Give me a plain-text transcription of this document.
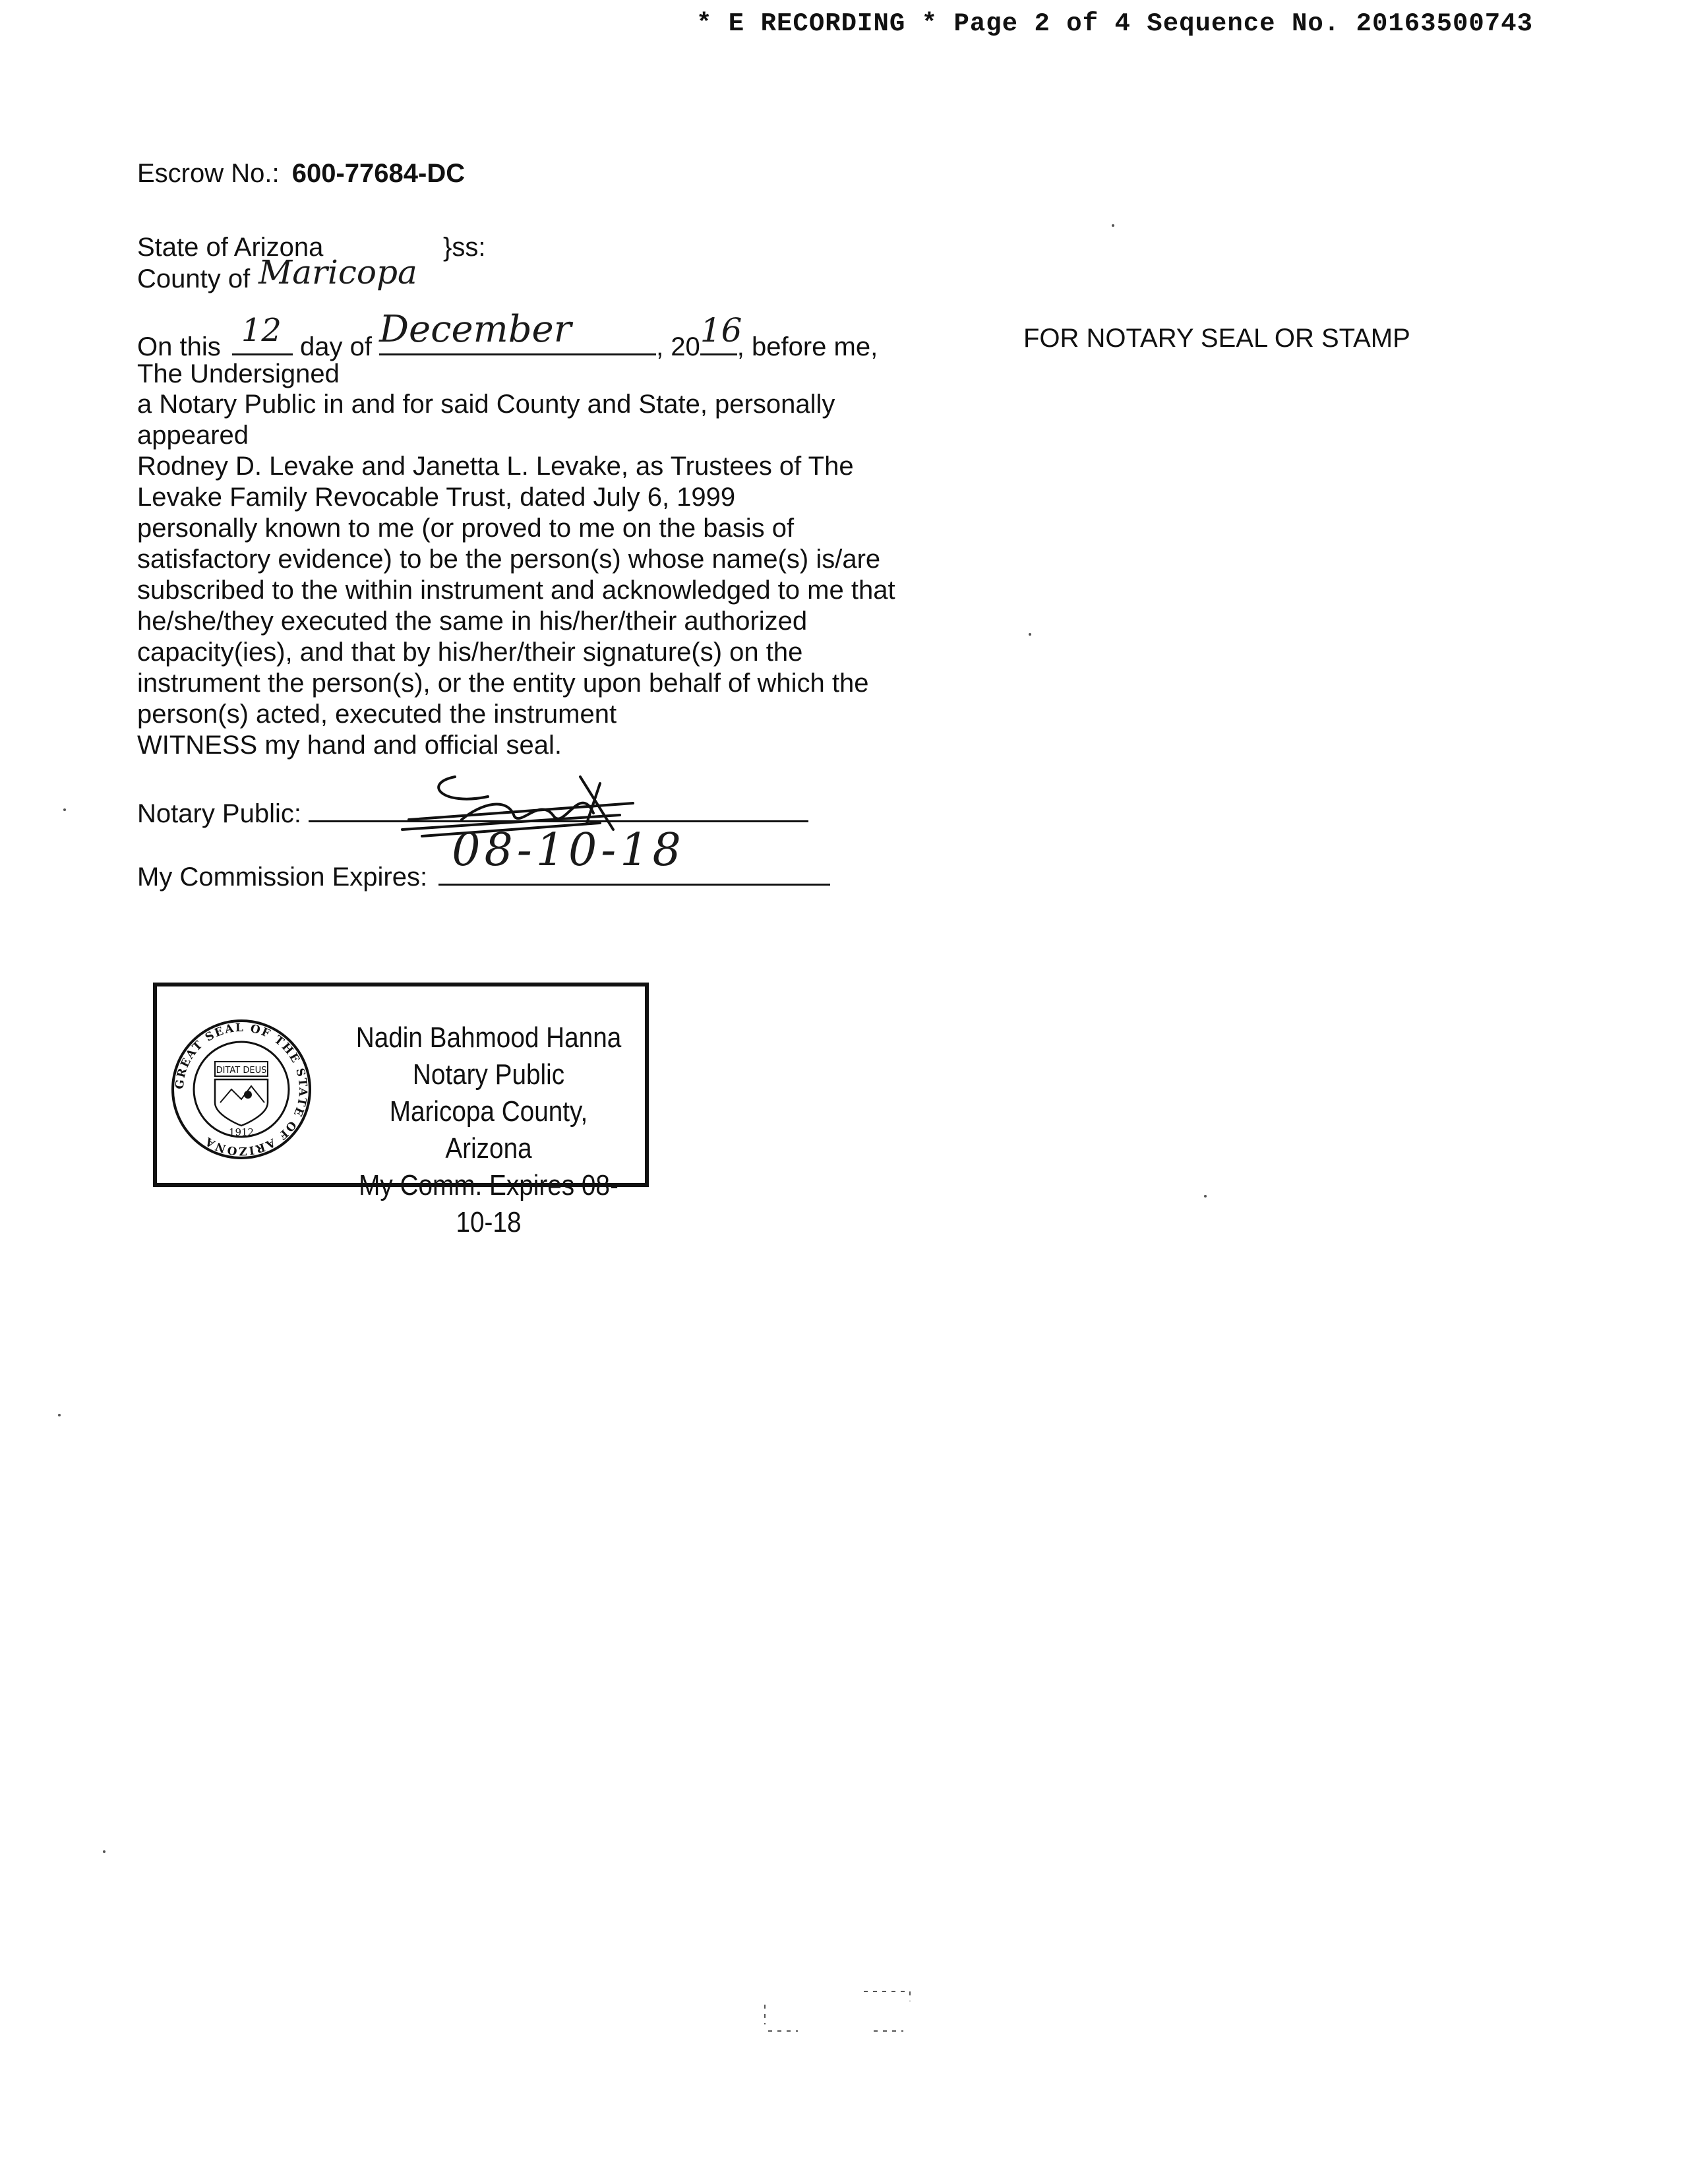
* E RECORDING * Page 2 of 4 Sequence No. 20163500743
Escrow No.: 600-77684-DC
State of Arizona	}ss:
County of Maricopa
On this 12 day of December	, 20 16
, before me,
The Undersigned
a Notary Public in and for said County and State, personally
appeared
Rodney D. Levake and Janetta L. Levake, as Trustees of The
Levake Family Revocable Trust, dated July 6, 1999
personally known to me (or proved to me on the basis of
satisfactory evidence) to be the person(s) whose name(s) is/are
subscribed to the within instrument and acknowledged to me that
he/she/they executed the same in his/her/their authorized
capacity(ies), and that by his/her/their signature(s) on the
instrument the person(s), or the entity upon behalf of which the
person(s) acted, executed the instrument
WITNESS my hand and official seal.
FOR NOTARY SEAL OR STAMP
Notary Public:
My Commission Expires:
08-10-18
GREAT SEAL OF THE STATE OF ARIZONA
DITAT DEUS
1912
Nadin Bahmood Hanna
Notary Public
Maricopa County, Arizona
My Comm. Expires 08-10-18
